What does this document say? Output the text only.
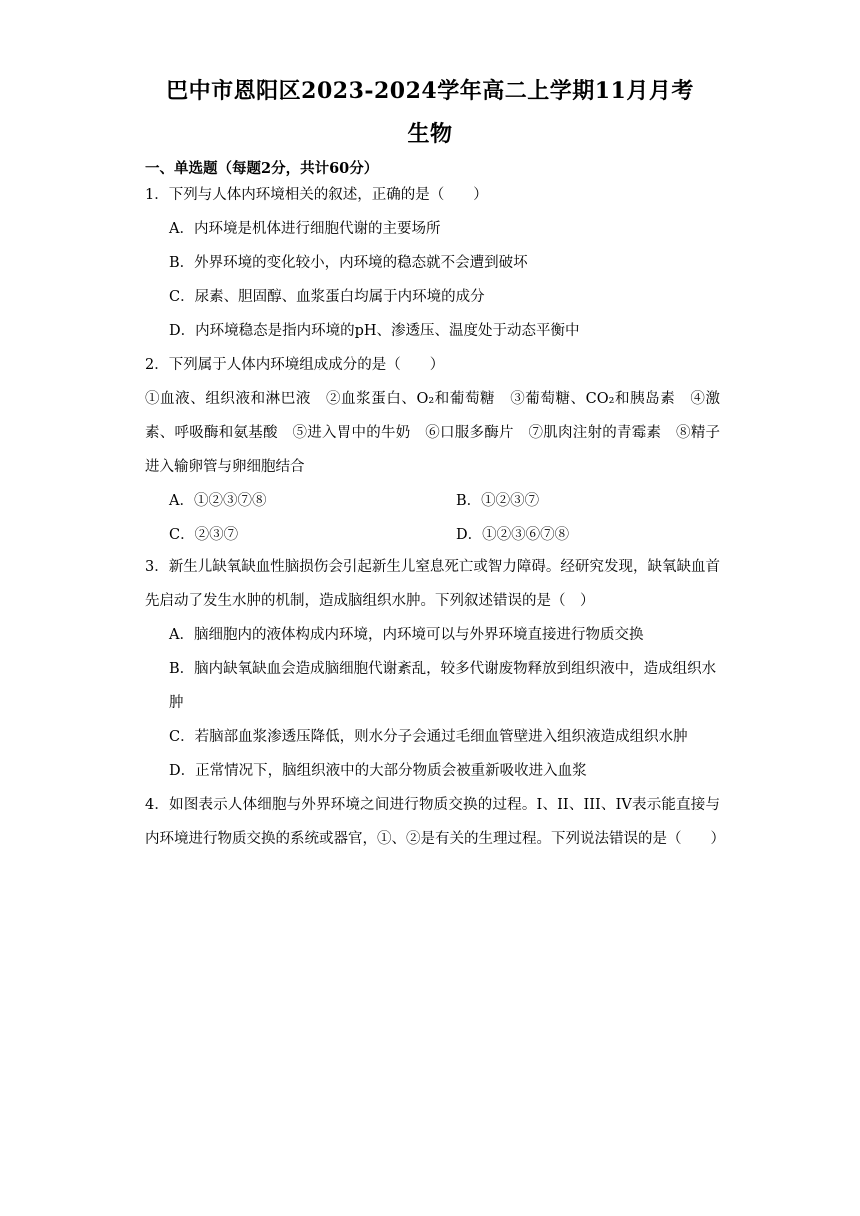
巴中市恩阳区2023-2024学年高二上学期11月月考
生物
一、单选题（每题2分，共计60分）

1．下列与人体内环境相关的叙述，正确的是（　　）

A．内环境是机体进行细胞代谢的主要场所

B．外界环境的变化较小，内环境的稳态就不会遭到破坏

C．尿素、胆固醇、血浆蛋白均属于内环境的成分

D．内环境稳态是指内环境的pH、渗透压、温度处于动态平衡中

2．下列属于人体内环境组成成分的是（　　）

①血液、组织液和淋巴液　②血浆蛋白、O₂和葡萄糖　③葡萄糖、CO₂和胰岛素　④激素、呼吸酶和氨基酸　⑤进入胃中的牛奶　⑥口服多酶片　⑦肌肉注射的青霉素　⑧精子进入输卵管与卵细胞结合

A．①②③⑦⑧	B．①②③⑦

C．②③⑦	D．①②③⑥⑦⑧

3．新生儿缺氧缺血性脑损伤会引起新生儿窒息死亡或智力障碍。经研究发现，缺氧缺血首先启动了发生水肿的机制，造成脑组织水肿。下列叙述错误的是（　）

A．脑细胞内的液体构成内环境，内环境可以与外界环境直接进行物质交换

B．脑内缺氧缺血会造成脑细胞代谢紊乱，较多代谢废物释放到组织液中，造成组织水肿

C．若脑部血浆渗透压降低，则水分子会通过毛细血管壁进入组织液造成组织水肿

D．正常情况下，脑组织液中的大部分物质会被重新吸收进入血浆

4．如图表示人体细胞与外界环境之间进行物质交换的过程。I、II、III、IV表示能直接与内环境进行物质交换的系统或器官，①、②是有关的生理过程。下列说法错误的是（　　）
